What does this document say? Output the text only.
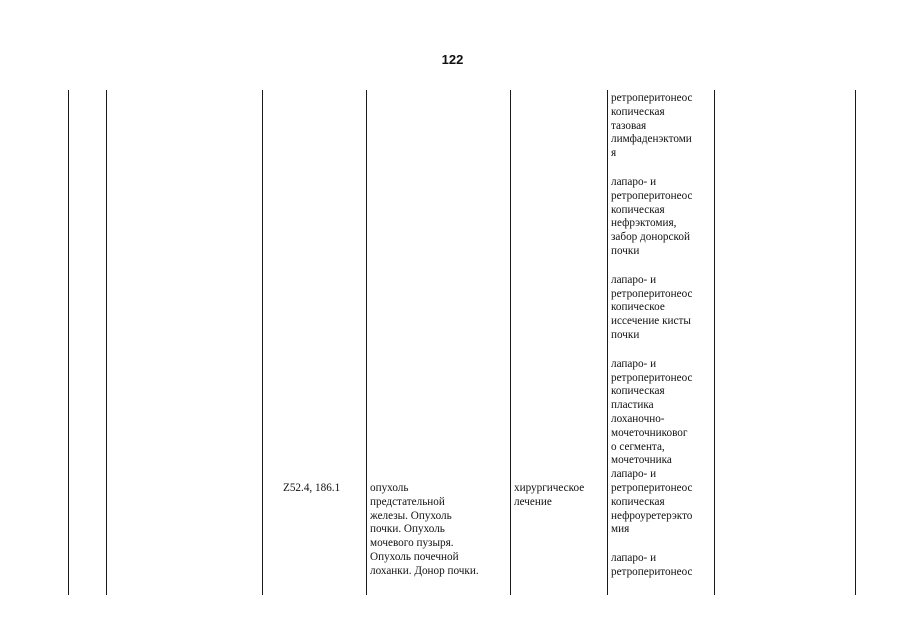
122
Z52.4, 186.1	опухоль
предстательной
железы. Опухоль
почки. Опухоль
мочевого пузыря.
Опухоль почечной
лоханки. Донор почки.
хирургическое
лечение
ретроперитонеос
копическая
тазовая
лимфаденэктоми
я
лапаро- и
ретроперитонеос
копическая
нефрэктомия,
забор донорской
почки
лапаро- и
ретроперитонеос
копическое
иссечение кисты
почки
лапаро- и
ретроперитонеос
копическая
пластика
лоханочно-
мочеточниковог
о сегмента,
мочеточника
лапаро- и
ретроперитонеос
копическая
нефроуретерэкто
мия
лапаро- и
ретроперитонеос
